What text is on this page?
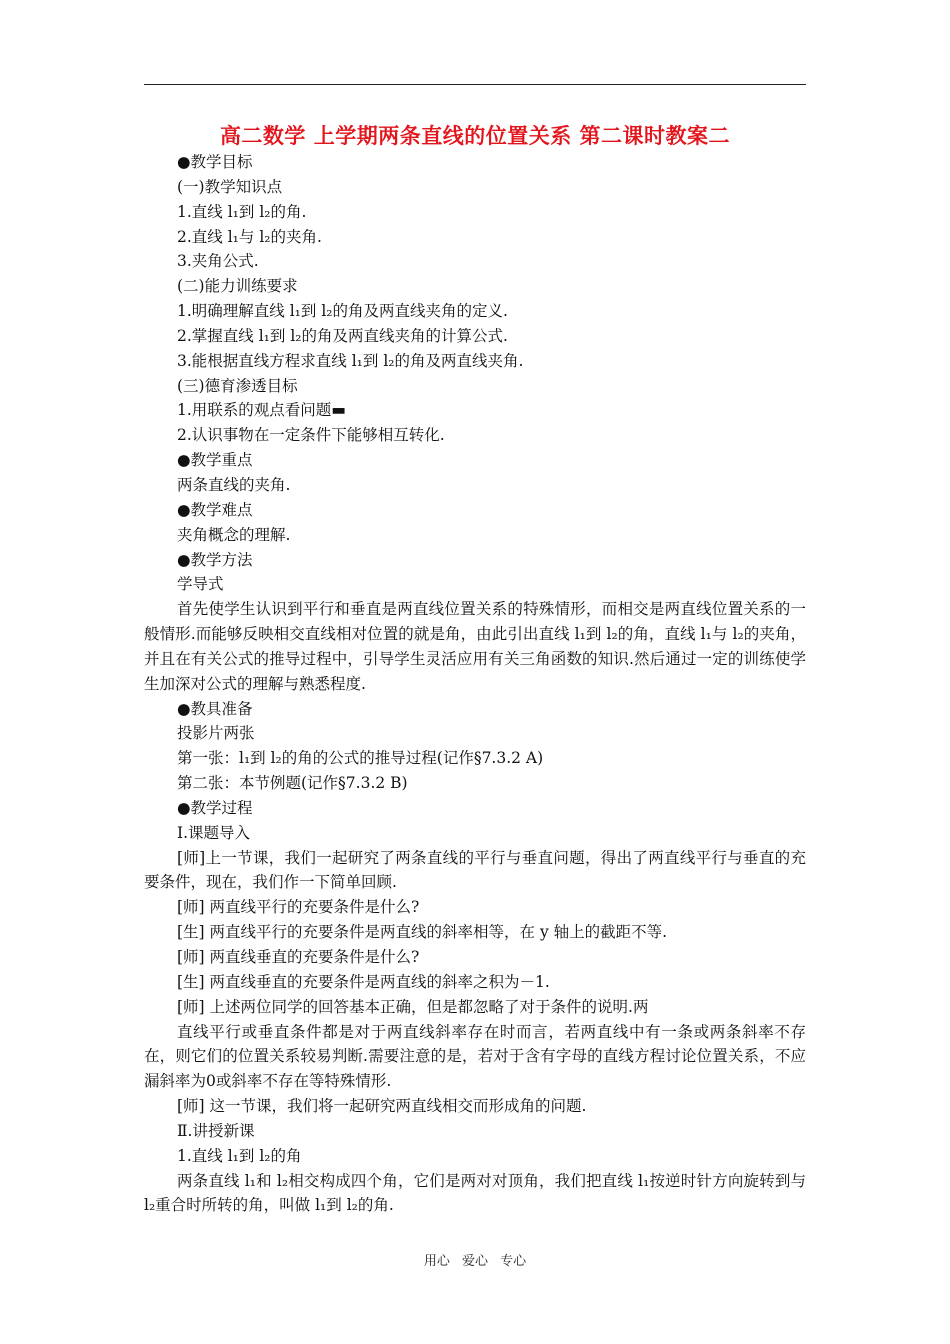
高二数学 上学期两条直线的位置关系 第二课时教案二
●教学目标
(一)教学知识点
1.直线 l₁到 l₂的角.
2.直线 l₁与 l₂的夹角.
3.夹角公式.
(二)能力训练要求
1.明确理解直线 l₁到 l₂的角及两直线夹角的定义.
2.掌握直线 l₁到 l₂的角及两直线夹角的计算公式.
3.能根据直线方程求直线 l₁到 l₂的角及两直线夹角.
(三)德育渗透目标
1.用联系的观点看问题▬
2.认识事物在一定条件下能够相互转化.
●教学重点
两条直线的夹角.
●教学难点
夹角概念的理解.
●教学方法
学导式
首先使学生认识到平行和垂直是两直线位置关系的特殊情形，而相交是两直线位置关系的一般情形.而能够反映相交直线相对位置的就是角，由此引出直线 l₁到 l₂的角，直线 l₁与 l₂的夹角，并且在有关公式的推导过程中，引导学生灵活应用有关三角函数的知识.然后通过一定的训练使学生加深对公式的理解与熟悉程度.
●教具准备
投影片两张
第一张：l₁到 l₂的角的公式的推导过程(记作§7.3.2 A)
第二张：本节例题(记作§7.3.2 B)
●教学过程
Ⅰ.课题导入
[师]上一节课，我们一起研究了两条直线的平行与垂直问题，得出了两直线平行与垂直的充要条件，现在，我们作一下简单回顾.
[师] 两直线平行的充要条件是什么?
[生] 两直线平行的充要条件是两直线的斜率相等，在 y 轴上的截距不等.
[师] 两直线垂直的充要条件是什么?
[生] 两直线垂直的充要条件是两直线的斜率之积为－1.
[师] 上述两位同学的回答基本正确，但是都忽略了对于条件的说明.两
直线平行或垂直条件都是对于两直线斜率存在时而言，若两直线中有一条或两条斜率不存在，则它们的位置关系较易判断.需要注意的是，若对于含有字母的直线方程讨论位置关系，不应漏斜率为0或斜率不存在等特殊情形.
[师] 这一节课，我们将一起研究两直线相交而形成角的问题.
Ⅱ.讲授新课
1.直线 l₁到 l₂的角
两条直线 l₁和 l₂相交构成四个角，它们是两对对顶角，我们把直线 l₁按逆时针方向旋转到与 l₂重合时所转的角，叫做 l₁到 l₂的角.
用心 爱心 专心
